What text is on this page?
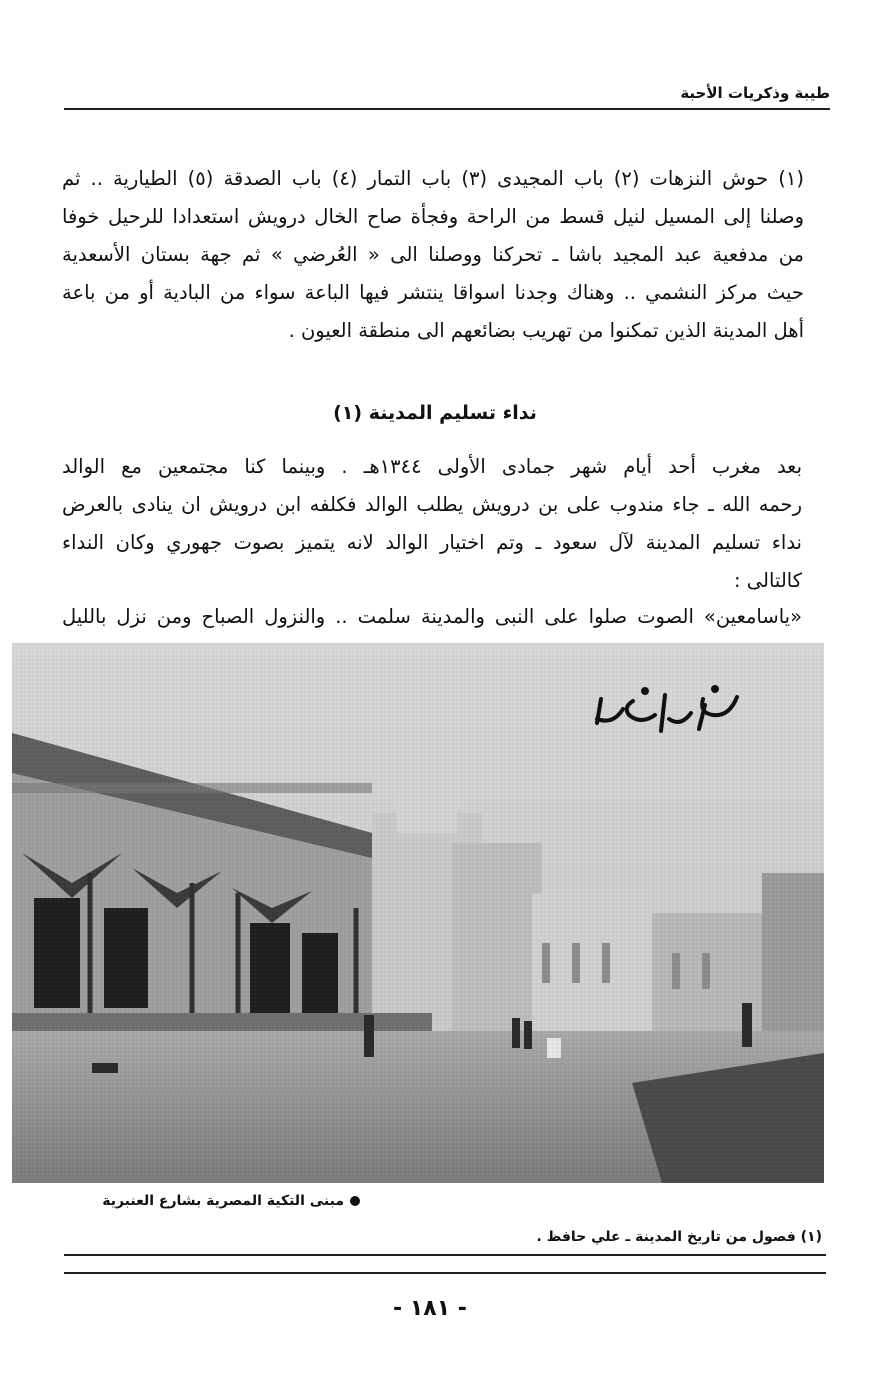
طيبة وذكريات الأحبة
(١) حوش النزهات (٢) باب المجيدى (٣) باب التمار (٤) باب الصدقة (٥) الطيارية .. ثم
وصلنا إلى المسيل لنيل قسط من الراحة وفجأة صاح الخال درويش استعدادا للرحيل خوفا
من مدفعية عبد المجيد باشا ـ تحركنا ووصلنا الى « العُرضي » ثم جهة بستان الأسعدية
حيث مركز النشمي .. وهناك وجدنا اسواقا ينتشر فيها الباعة سواء من البادية أو من باعة
أهل المدينة الذين تمكنوا من تهريب بضائعهم الى منطقة العيون .
نداء تسليم المدينة (١)
بعد مغرب أحد أيام شهر جمادى الأولى ١٣٤٤هـ . وبينما كنا مجتمعين مع الوالد
رحمه الله ـ جاء مندوب على بن درويش يطلب الوالد فكلفه ابن درويش ان ينادى بالعرض
نداء تسليم المدينة لآل سعود ـ وتم اختيار الوالد لانه يتميز بصوت جهوري وكان النداء
كالتالى :
«ياسامعين» الصوت صلوا على النبى والمدينة سلمت .. والنزول الصباح ومن نزل بالليل
مبنى التكية المصرية بشارع العنبرية
(١) فصول من تاريخ المدينة ـ علي حافظ .
- ١٨١ -
